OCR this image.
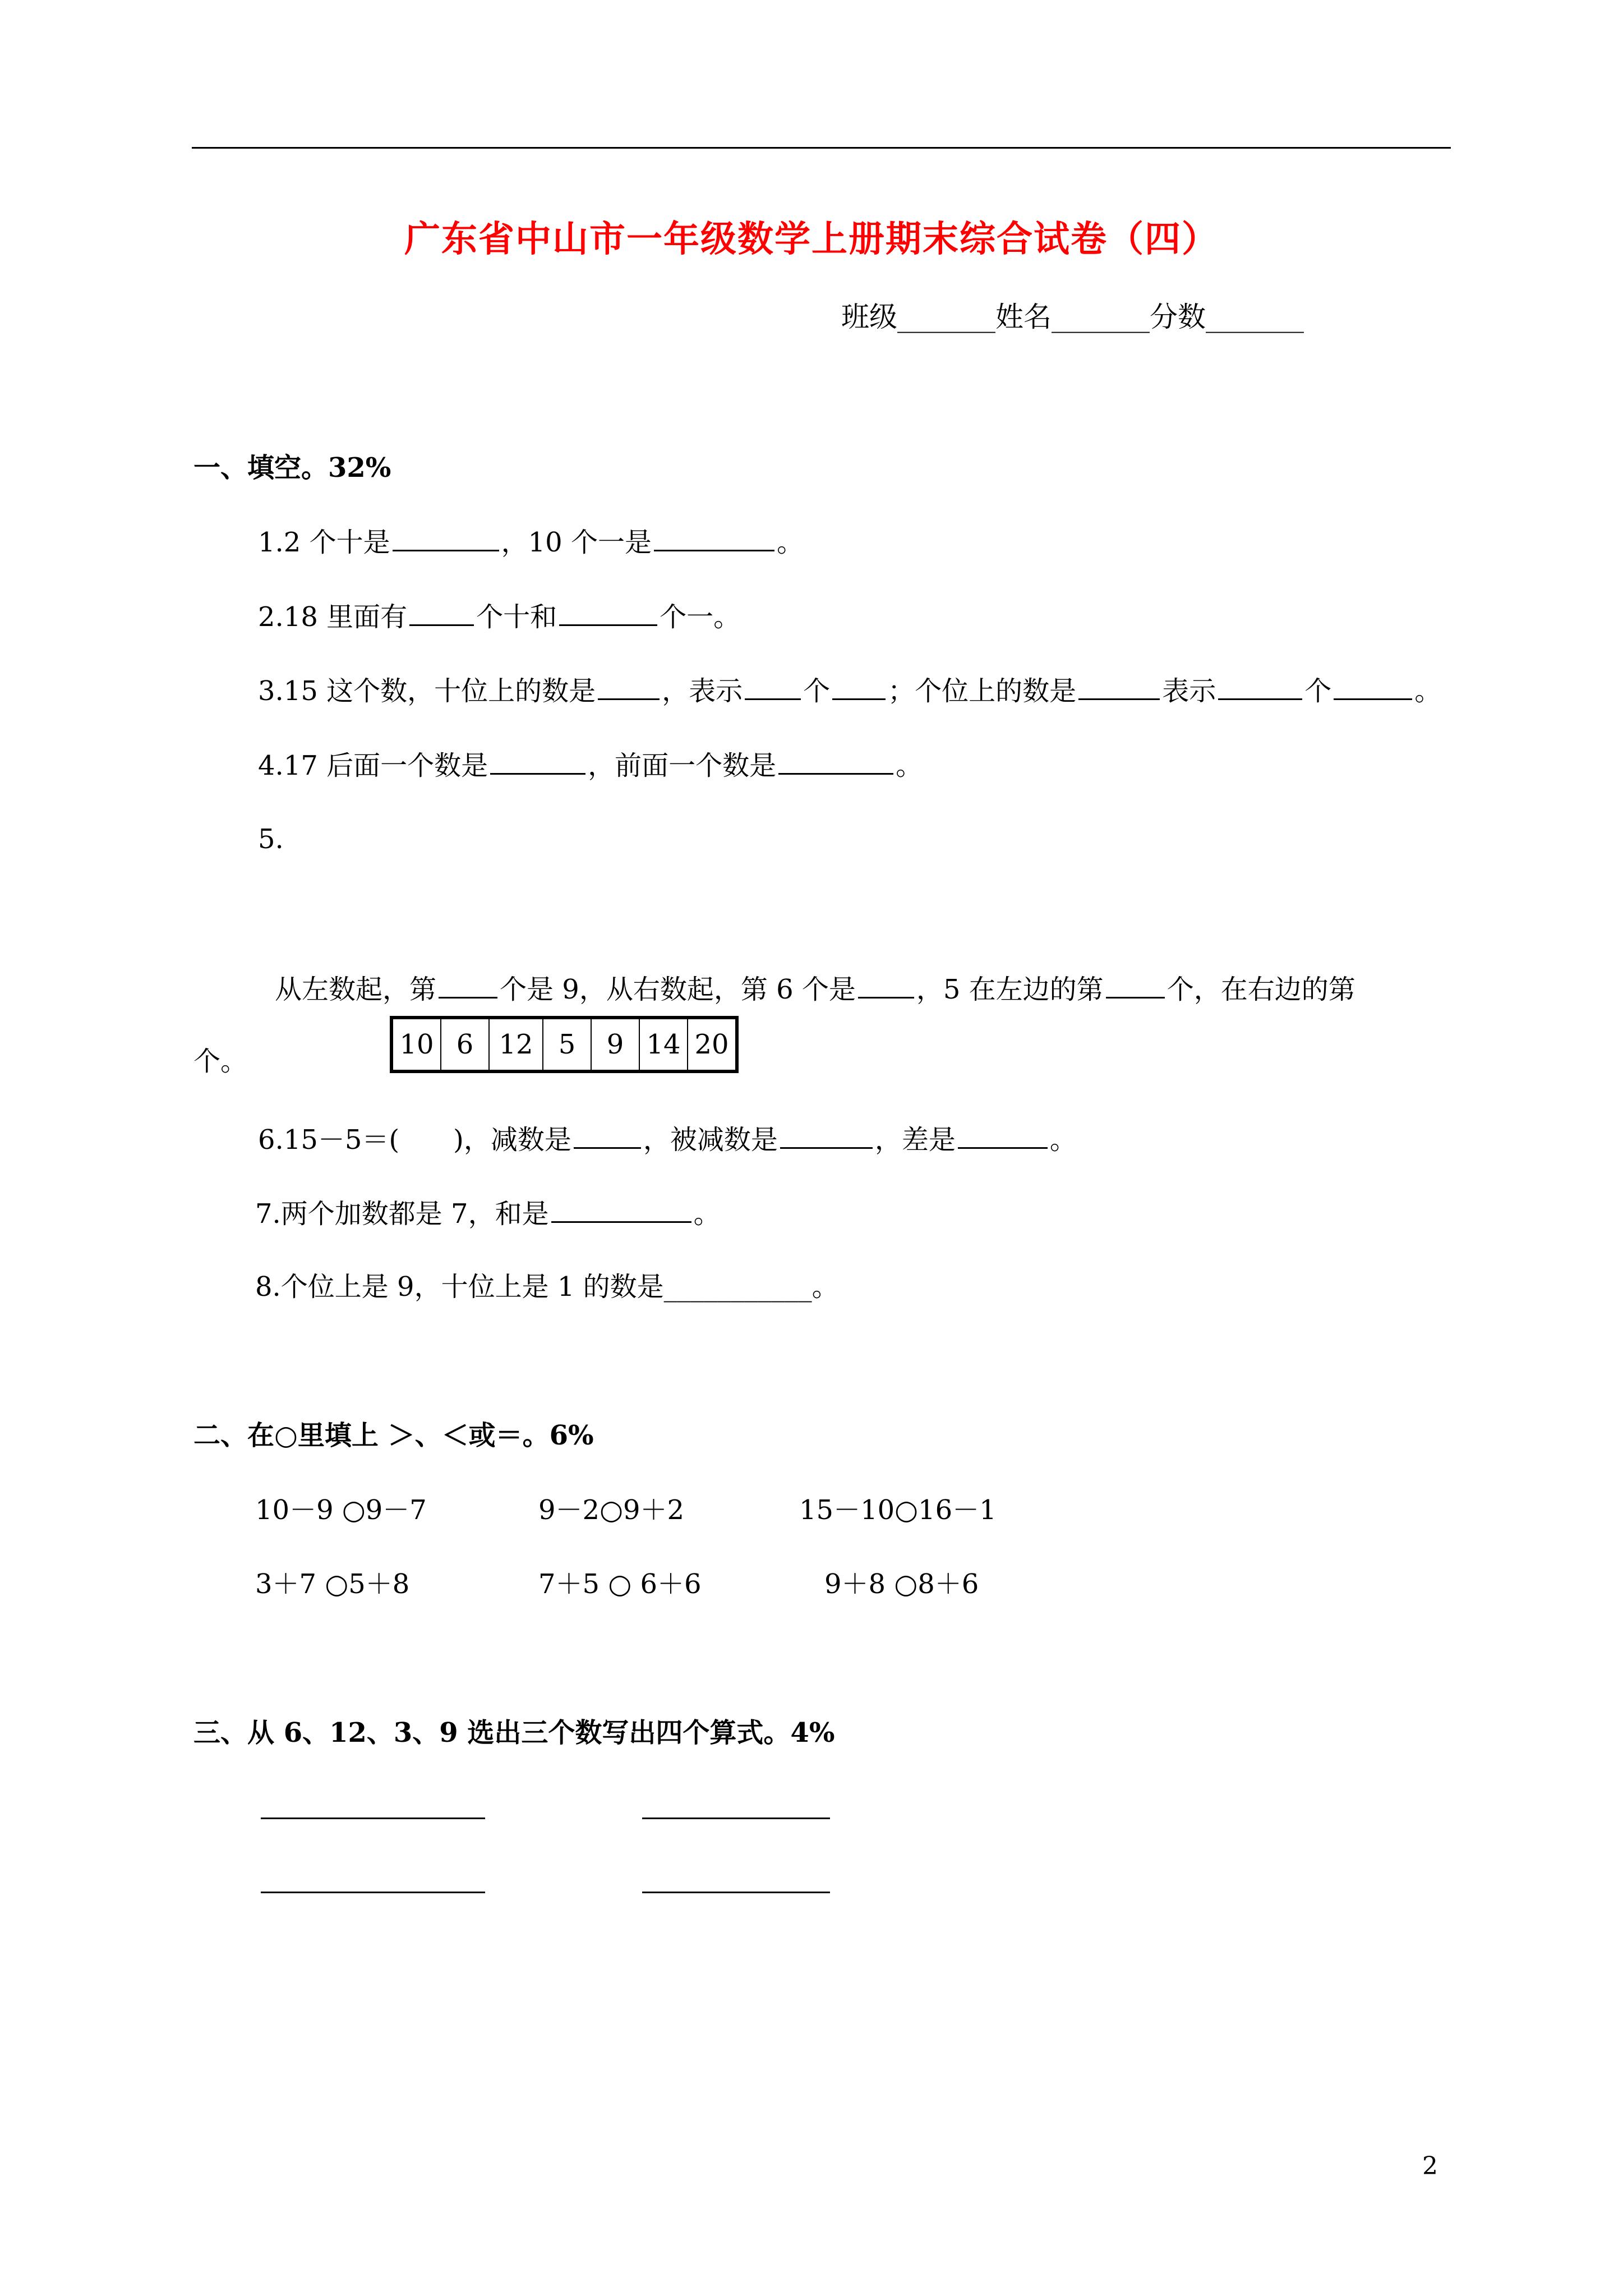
广东省中山市一年级数学上册期末综合试卷（四）
班级_______姓名_______分数_______
一、填空。32%
1.2 个十是	，10 个一是	。
2.18 里面有	个十和	个一。
3.15 这个数，十位上的数是 ，表示 个 ；个位上的数是	表示	个	。
4.17 后面一个数是	，前面一个数是	。
5.
从左数起，第 个是 9，从右数起，第 6 个是 ，5 在左边的第 个，在右边的第
个。
10	6	12	5	9	14	20
6.15－5＝(　　)，减数是	，被减数是	，差是	。
7.两个加数都是 7，和是	。
8.个位上是 9，十位上是 1 的数是___________。
二、在○里填上 ＞、＜或＝。6%
10－9 ○9－7	9－2○9＋2	15－10○16－1
3＋7 ○5＋8	7＋5 ○ 6＋6	9＋8 ○8＋6
三、从 6、12、3、9 选出三个数写出四个算式。4%
2
